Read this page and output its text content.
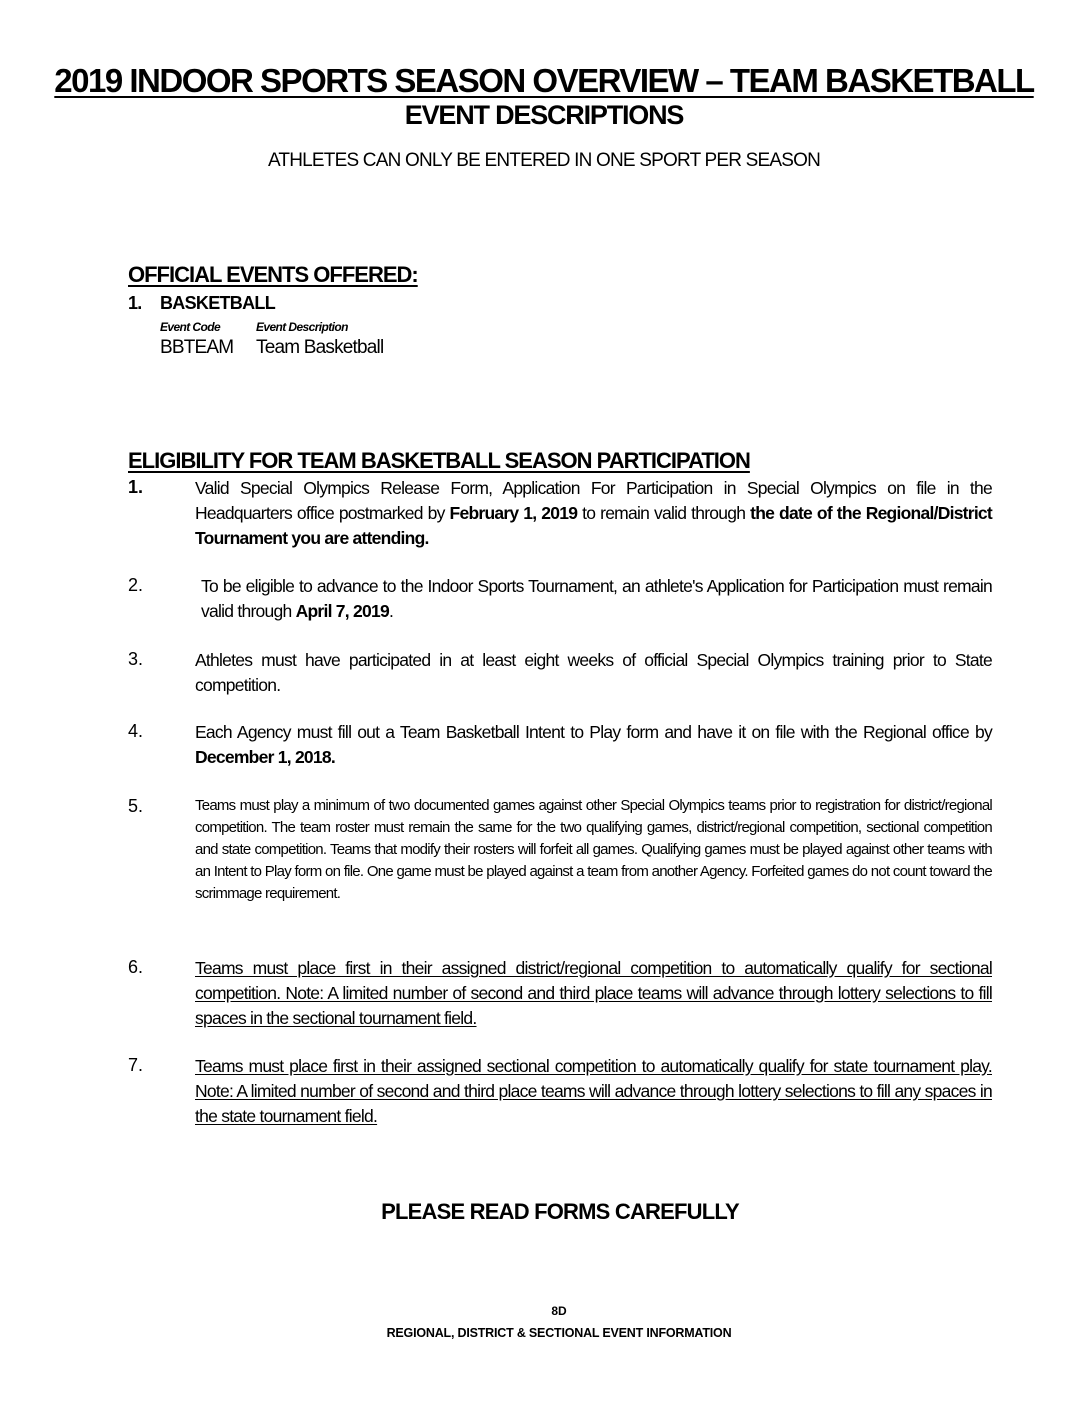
2019 INDOOR SPORTS SEASON OVERVIEW – TEAM BASKETBALL
EVENT DESCRIPTIONS
ATHLETES CAN ONLY BE ENTERED IN ONE SPORT PER SEASON
OFFICIAL EVENTS OFFERED:
1. BASKETBALL
Event Code	Event Description
BBTEAM Team Basketball
ELIGIBILITY FOR TEAM BASKETBALL SEASON PARTICIPATION
1.	Valid Special Olympics Release Form, Application For Participation in Special Olympics on file in the Headquarters office postmarked by February 1, 2019 to remain valid through the date of the Regional/District Tournament you are attending.
2.	To be eligible to advance to the Indoor Sports Tournament, an athlete's Application for Participation must remain valid through April 7, 2019.
3.	Athletes must have participated in at least eight weeks of official Special Olympics training prior to State competition.
4.	Each Agency must fill out a Team Basketball Intent to Play form and have it on file with the Regional office by December 1, 2018.
5.	Teams must play a minimum of two documented games against other Special Olympics teams prior to registration for district/regional competition. The team roster must remain the same for the two qualifying games, district/regional competition, sectional competition and state competition. Teams that modify their rosters will forfeit all games. Qualifying games must be played against other teams with an Intent to Play form on file. One game must be played against a team from another Agency. Forfeited games do not count toward the scrimmage requirement.
6.	Teams must place first in their assigned district/regional competition to automatically qualify for sectional competition. Note: A limited number of second and third place teams will advance through lottery selections to fill spaces in the sectional tournament field.
7.	Teams must place first in their assigned sectional competition to automatically qualify for state tournament play. Note: A limited number of second and third place teams will advance through lottery selections to fill any spaces in the state tournament field.
PLEASE READ FORMS CAREFULLY
8D
REGIONAL, DISTRICT & SECTIONAL EVENT INFORMATION
